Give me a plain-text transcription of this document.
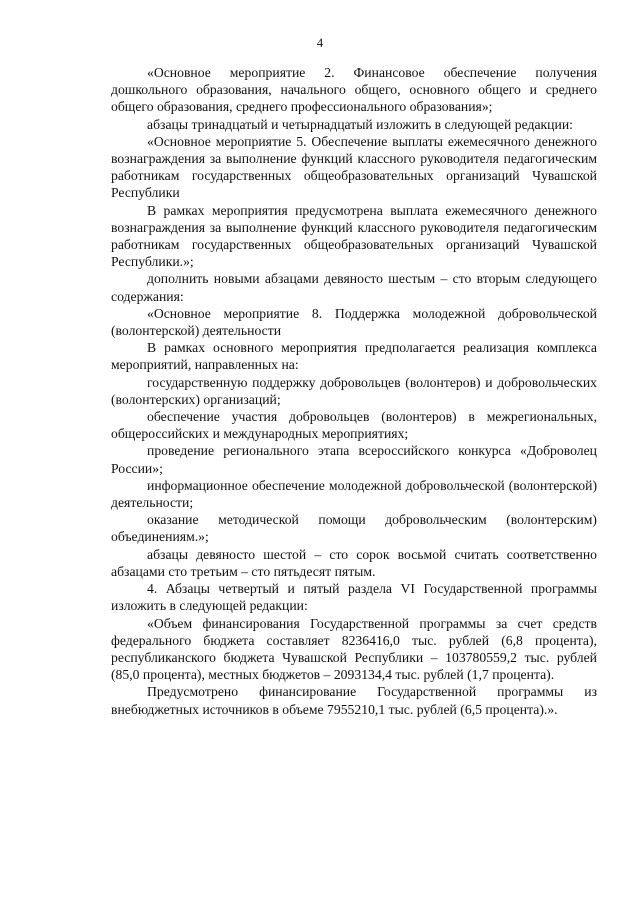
4

«Основное мероприятие 2. Финансовое обеспечение получения дошкольного образования, начального общего, основного общего и среднего общего образования, среднего профессионального образования»;

абзацы тринадцатый и четырнадцатый изложить в следующей редакции:

«Основное мероприятие 5. Обеспечение выплаты ежемесячного денежного вознаграждения за выполнение функций классного руководителя педагогическим работникам государственных общеобразовательных организаций Чувашской Республики

В рамках мероприятия предусмотрена выплата ежемесячного денежного вознаграждения за выполнение функций классного руководителя педагогическим работникам государственных общеобразовательных организаций Чувашской Республики.»;

дополнить новыми абзацами девяносто шестым – сто вторым следующего содержания:

«Основное мероприятие 8. Поддержка молодежной добровольческой (волонтерской) деятельности

В рамках основного мероприятия предполагается реализация комплекса мероприятий, направленных на:

государственную поддержку добровольцев (волонтеров) и добровольческих (волонтерских) организаций;

обеспечение участия добровольцев (волонтеров) в межрегиональных, общероссийских и международных мероприятиях;

проведение регионального этапа всероссийского конкурса «Доброволец России»;

информационное обеспечение молодежной добровольческой (волонтерской) деятельности;

оказание методической помощи добровольческим (волонтерским) объединениям.»;

абзацы девяносто шестой – сто сорок восьмой считать соответственно абзацами сто третьим – сто пятьдесят пятым.

4. Абзацы четвертый и пятый раздела VI Государственной программы изложить в следующей редакции:

«Объем финансирования Государственной программы за счет средств федерального бюджета составляет 8236416,0 тыс. рублей (6,8 процента), республиканского бюджета Чувашской Республики – 103780559,2 тыс. рублей (85,0 процента), местных бюджетов – 2093134,4 тыс. рублей (1,7 процента).

Предусмотрено финансирование Государственной программы из внебюджетных источников в объеме 7955210,1 тыс. рублей (6,5 процента).».
